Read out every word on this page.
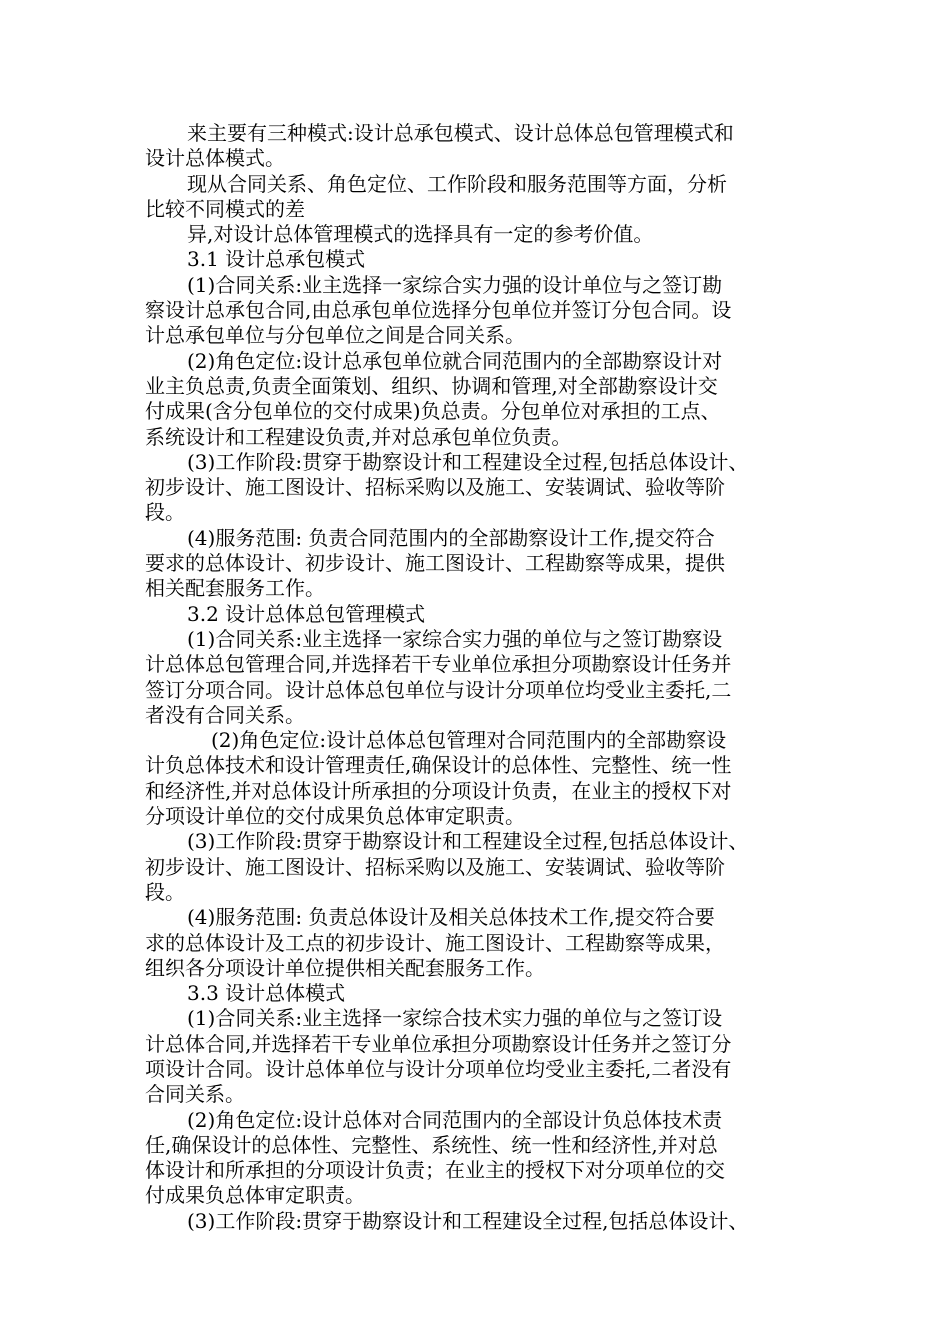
来主要有三种模式:设计总承包模式、设计总体总包管理模式和
设计总体模式。
现从合同关系、角色定位、工作阶段和服务范围等方面，分析
比较不同模式的差
异,对设计总体管理模式的选择具有一定的参考价值。
3.1 设计总承包模式
(1)合同关系:业主选择一家综合实力强的设计单位与之签订勘
察设计总承包合同,由总承包单位选择分包单位并签订分包合同。设
计总承包单位与分包单位之间是合同关系。
(2)角色定位:设计总承包单位就合同范围内的全部勘察设计对
业主负总责,负责全面策划、组织、协调和管理,对全部勘察设计交
付成果(含分包单位的交付成果)负总责。分包单位对承担的工点、
系统设计和工程建设负责,并对总承包单位负责。
(3)工作阶段:贯穿于勘察设计和工程建设全过程,包括总体设计、
初步设计、施工图设计、招标采购以及施工、安装调试、验收等阶
段。
(4)服务范围: 负责合同范围内的全部勘察设计工作,提交符合
要求的总体设计、初步设计、施工图设计、工程勘察等成果，提供
相关配套服务工作。
3.2 设计总体总包管理模式
(1)合同关系:业主选择一家综合实力强的单位与之签订勘察设
计总体总包管理合同,并选择若干专业单位承担分项勘察设计任务并
签订分项合同。设计总体总包单位与设计分项单位均受业主委托,二
者没有合同关系。
(2)角色定位:设计总体总包管理对合同范围内的全部勘察设
计负总体技术和设计管理责任,确保设计的总体性、完整性、统一性
和经济性,并对总体设计所承担的分项设计负责，在业主的授权下对
分项设计单位的交付成果负总体审定职责。
(3)工作阶段:贯穿于勘察设计和工程建设全过程,包括总体设计、
初步设计、施工图设计、招标采购以及施工、安装调试、验收等阶
段。
(4)服务范围: 负责总体设计及相关总体技术工作,提交符合要
求的总体设计及工点的初步设计、施工图设计、工程勘察等成果，
组织各分项设计单位提供相关配套服务工作。
3.3 设计总体模式
(1)合同关系:业主选择一家综合技术实力强的单位与之签订设
计总体合同,并选择若干专业单位承担分项勘察设计任务并之签订分
项设计合同。设计总体单位与设计分项单位均受业主委托,二者没有
合同关系。
(2)角色定位:设计总体对合同范围内的全部设计负总体技术责
任,确保设计的总体性、完整性、系统性、统一性和经济性,并对总
体设计和所承担的分项设计负责；在业主的授权下对分项单位的交
付成果负总体审定职责。
(3)工作阶段:贯穿于勘察设计和工程建设全过程,包括总体设计、
